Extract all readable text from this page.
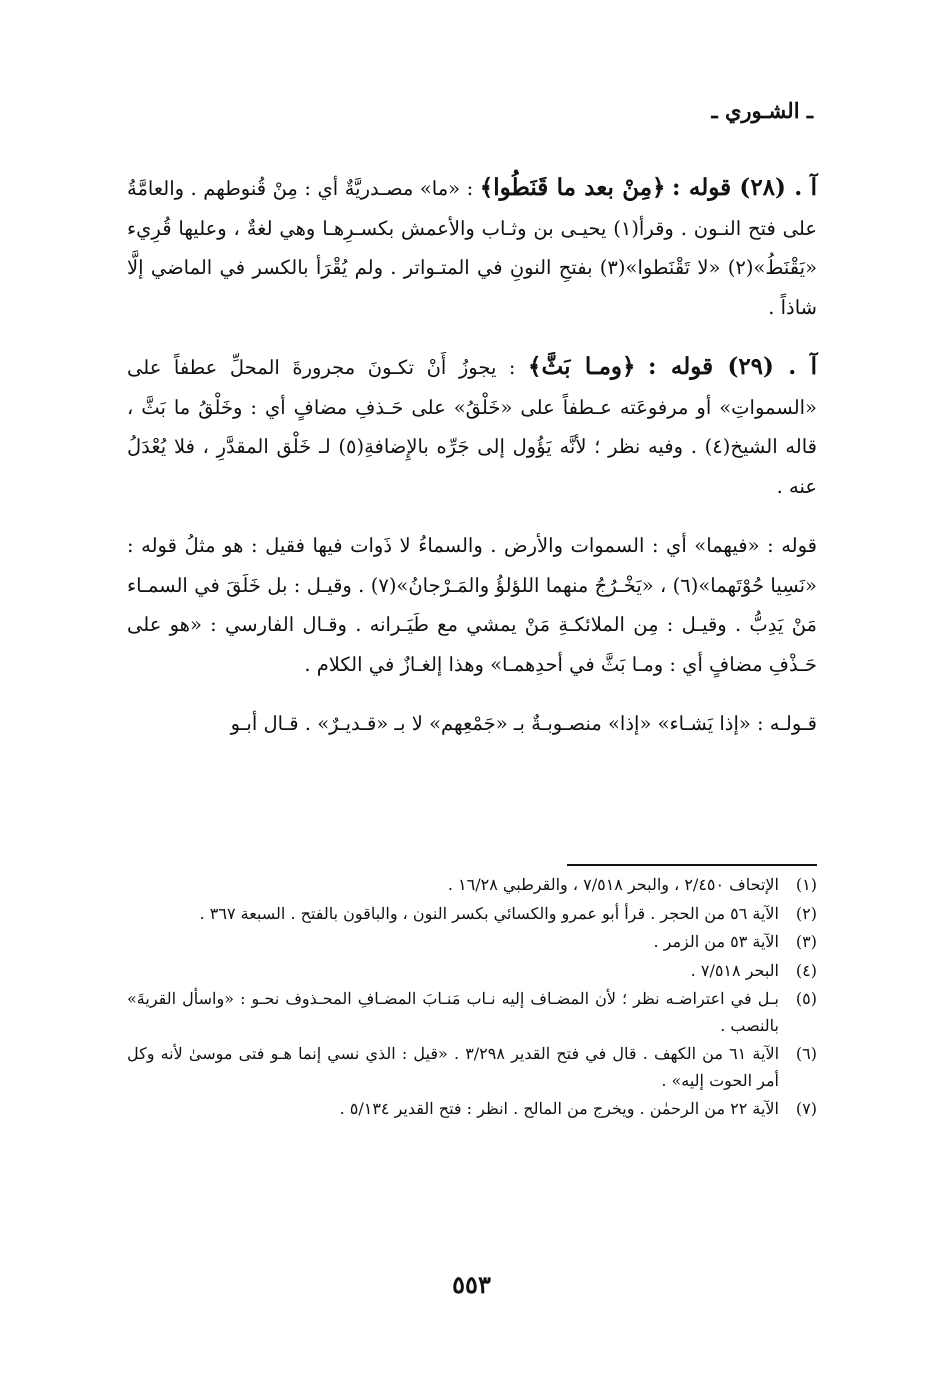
ـ الشـوري ـ

آ . (٢٨) قوله : ﴿مِنْ بعد ما قَنَطُوا﴾ : «ما» مصـدريَّةٌ أي : مِنْ قُنوطهم . والعامَّةُ على فتح النـون . وقرأ(١) يحيـى بن وثـاب والأعمش بكسـرِهـا وهي لغةٌ ، وعليها قُرِيء «يَقْنَطُ»(٢) «لا تَقْنَطوا»(٣) بفتحِ النونِ في المتـواتر . ولم يُقْرَأ بالكسر في الماضي إلَّا شاذاً .

آ . (٢٩) قوله : ﴿ومـا بَثَّ﴾ : يجوزُ أَنْ تكـونَ مجرورةَ المحلِّ عطفاً على «السمواتِ» أو مرفوعَته عـطفاً على «خَلْقُ» على حَـذفِ مضافٍ أي : وخَلْقُ ما بَثَّ ، قاله الشيخ(٤) . وفيه نظر ؛ لأنَّه يَؤُول إلى جَرِّه بالإِضافةِ(٥) لـ خَلْق المقدَّرِ ، فلا يُعْدَلُ عنه .

قوله : «فيهما» أي : السموات والأرض . والسماءُ لا ذَوات فيها فقيل : هو مثلُ قوله : «نَسِيا حُوْتَهما»(٦) ، «يَخْـرُجُ منهما اللؤلؤُ والمَـرْجانُ»(٧) . وقيـل : بل خَلَقَ في السمـاء مَنْ يَدِبُّ . وقيـل : مِن الملائكـةِ مَنْ يمشي مع طَيَـرانه . وقـال الفارسي : «هو على حَـذْفِ مضافٍ أي : ومـا بَثَّ في أحدِهمـا» وهذا إلغـازٌ في الكلام .

قـولـه : «إذا يَشـاء» «إذا» منصـوبـةٌ بـ «جَمْعِهم» لا بـ «قـديـرٌ» . قـال أبـو

(١)
الإتحاف ٢/٤٥٠ ، والبحر ٧/٥١٨ ، والقرطبي ١٦/٢٨ .
(٢)
الآية ٥٦ من الحجر . قرأ أبو عمرو والكسائي بكسر النون ، والباقون بالفتح . السبعة ٣٦٧ .
(٣)
الآية ٥٣ من الزمر .
(٤)
البحر ٧/٥١٨ .
(٥)
بـل في اعتراضـه نظر ؛ لأن المضـاف إليه نـاب مَنـابَ المضـافِ المحـذوف نحـو : «واسأل القريةَ» بالنصب .
(٦)
الآية ٦١ من الكهف . قال في فتح القدير ٣/٢٩٨ . «قيل : الذي نسي إنما هـو فتى موسىٰ لأنه وكل أمر الحوت إليه» .
(٧)
الآية ٢٢ من الرحمٰن . ويخرج من المالح . انظر : فتح القدير ٥/١٣٤ .
٥٥٣
